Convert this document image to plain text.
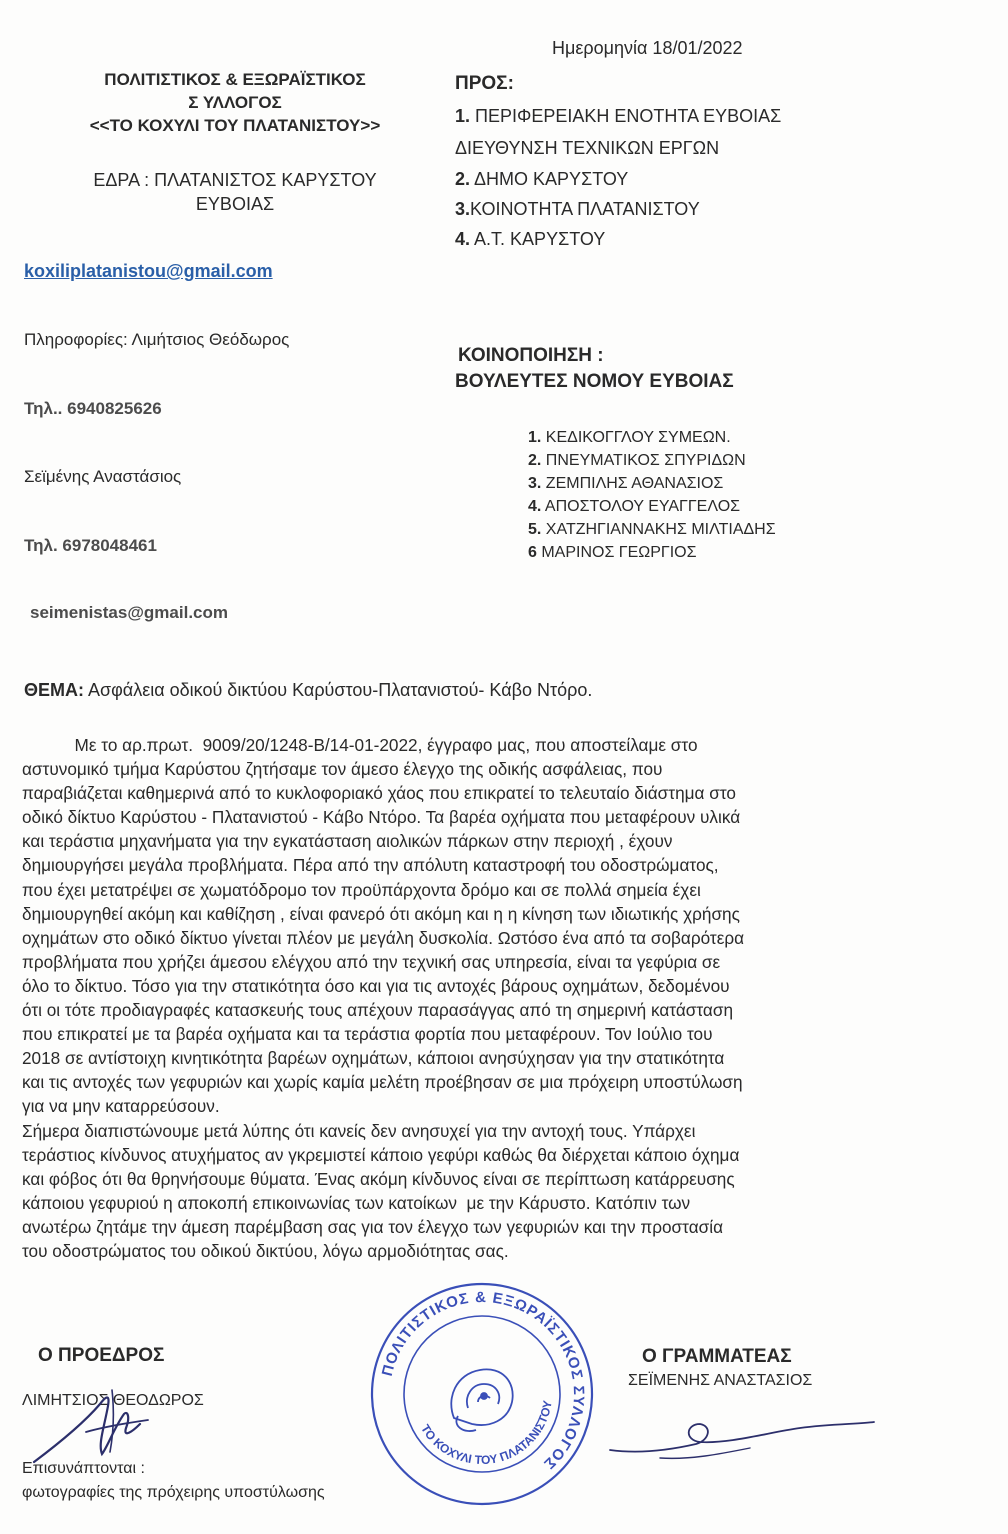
Ημερομηνία 18/01/2022
ΠΟΛΙΤΙΣΤΙΚΟΣ & ΕΞΩΡΑΪΣΤΙΚΟΣ
Σ ΥΛΛΟΓΟΣ
<<ΤΟ ΚΟΧΥΛΙ ΤΟΥ ΠΛΑΤΑΝΙΣΤΟΥ>>
ΕΔΡΑ : ΠΛΑΤΑΝΙΣΤΟΣ ΚΑΡΥΣΤΟΥ
ΕΥΒΟΙΑΣ
koxiliplatanistou@gmail.com
Πληροφορίες: Λιμήτσιος Θεόδωρος
Τηλ.. 6940825626
Σεϊμένης Αναστάσιος
Τηλ. 6978048461
seimenistas@gmail.com
ΠΡΟΣ:
1. ΠΕΡΙΦΕΡΕΙΑΚΗ ΕΝΟΤΗΤΑ ΕΥΒΟΙΑΣ
ΔΙΕΥΘΥΝΣΗ ΤΕΧΝΙΚΩΝ ΕΡΓΩΝ
2. ΔΗΜΟ ΚΑΡΥΣΤΟΥ
3.ΚΟΙΝΟΤΗΤΑ ΠΛΑΤΑΝΙΣΤΟΥ
4. Α.Τ. ΚΑΡΥΣΤΟΥ
ΚΟΙΝΟΠΟΙΗΣΗ :
ΒΟΥΛΕΥΤΕΣ ΝΟΜΟΥ ΕΥΒΟΙΑΣ
1. ΚΕΔΙΚΟΓΓΛΟΥ ΣΥΜΕΩΝ.
2. ΠΝΕΥΜΑΤΙΚΟΣ ΣΠΥΡΙΔΩΝ
3. ΖΕΜΠΙΛΗΣ ΑΘΑΝΑΣΙΟΣ
4. ΑΠΟΣΤΟΛΟΥ ΕΥΑΓΓΕΛΟΣ
5. ΧΑΤΖΗΓΙΑΝΝΑΚΗΣ ΜΙΛΤΙΑΔΗΣ
6 ΜΑΡΙΝΟΣ ΓΕΩΡΓΙΟΣ
ΘΕΜΑ: Ασφάλεια οδικού δικτύου Καρύστου-Πλατανιστού- Κάβο Ντόρο.
Με το αρ.πρωτ.  9009/20/1248-Β/14-01-2022, έγγραφο μας, που αποστείλαμε στο
αστυνομικό τμήμα Καρύστου ζητήσαμε τον άμεσο έλεγχο της οδικής ασφάλειας, που
παραβιάζεται καθημερινά από το κυκλοφοριακό χάος που επικρατεί το τελευταίο διάστημα στο
οδικό δίκτυο Καρύστου - Πλατανιστού - Κάβο Ντόρο. Τα βαρέα οχήματα που μεταφέρουν υλικά
και τεράστια μηχανήματα για την εγκατάσταση αιολικών πάρκων στην περιοχή , έχουν
δημιουργήσει μεγάλα προβλήματα. Πέρα από την απόλυτη καταστροφή του οδοστρώματος,
που έχει μετατρέψει σε χωματόδρομο τον προϋπάρχοντα δρόμο και σε πολλά σημεία έχει
δημιουργηθεί ακόμη και καθίζηση , είναι φανερό ότι ακόμη και η η κίνηση των ιδιωτικής χρήσης
οχημάτων στο οδικό δίκτυο γίνεται πλέον με μεγάλη δυσκολία. Ωστόσο ένα από τα σοβαρότερα
προβλήματα που χρήζει άμεσου ελέγχου από την τεχνική σας υπηρεσία, είναι τα γεφύρια σε
όλο το δίκτυο. Τόσο για την στατικότητα όσο και για τις αντοχές βάρους οχημάτων, δεδομένου
ότι οι τότε προδιαγραφές κατασκευής τους απέχουν παρασάγγας από τη σημερινή κατάσταση
που επικρατεί με τα βαρέα οχήματα και τα τεράστια φορτία που μεταφέρουν. Τον Ιούλιο του
2018 σε αντίστοιχη κινητικότητα βαρέων οχημάτων, κάποιοι ανησύχησαν για την στατικότητα
και τις αντοχές των γεφυριών και χωρίς καμία μελέτη προέβησαν σε μια πρόχειρη υποστύλωση
για να μην καταρρεύσουν.
Σήμερα διαπιστώνουμε μετά λύπης ότι κανείς δεν ανησυχεί για την αντοχή τους. Υπάρχει
τεράστιος κίνδυνος ατυχήματος αν γκρεμιστεί κάποιο γεφύρι καθώς θα διέρχεται κάποιο όχημα
και φόβος ότι θα θρηνήσουμε θύματα. Ένας ακόμη κίνδυνος είναι σε περίπτωση κατάρρευσης
κάποιου γεφυριού η αποκοπή επικοινωνίας των κατοίκων  με την Κάρυστο. Κατόπιν των
ανωτέρω ζητάμε την άμεση παρέμβαση σας για τον έλεγχο των γεφυριών και την προστασία
του οδοστρώματος του οδικού δικτύου, λόγω αρμοδιότητας σας.
Ο ΠΡΟΕΔΡΟΣ
ΛΙΜΗΤΣΙΟΣ ΘΕΟΔΩΡΟΣ
ΠΟΛΙΤΙΣΤΙΚΟΣ & ΕΞΩΡΑΪΣΤΙΚΟΣ ΣΥΛΛΟΓΟΣ
ΤΟ ΚΟΧΥΛΙ ΤΟΥ ΠΛΑΤΑΝΙΣΤΟΥ
Ο ΓΡΑΜΜΑΤΕΑΣ
ΣΕΪΜΕΝΗΣ ΑΝΑΣΤΑΣΙΟΣ
Επισυνάπτονται :
φωτογραφίες της πρόχειρης υποστύλωσης
